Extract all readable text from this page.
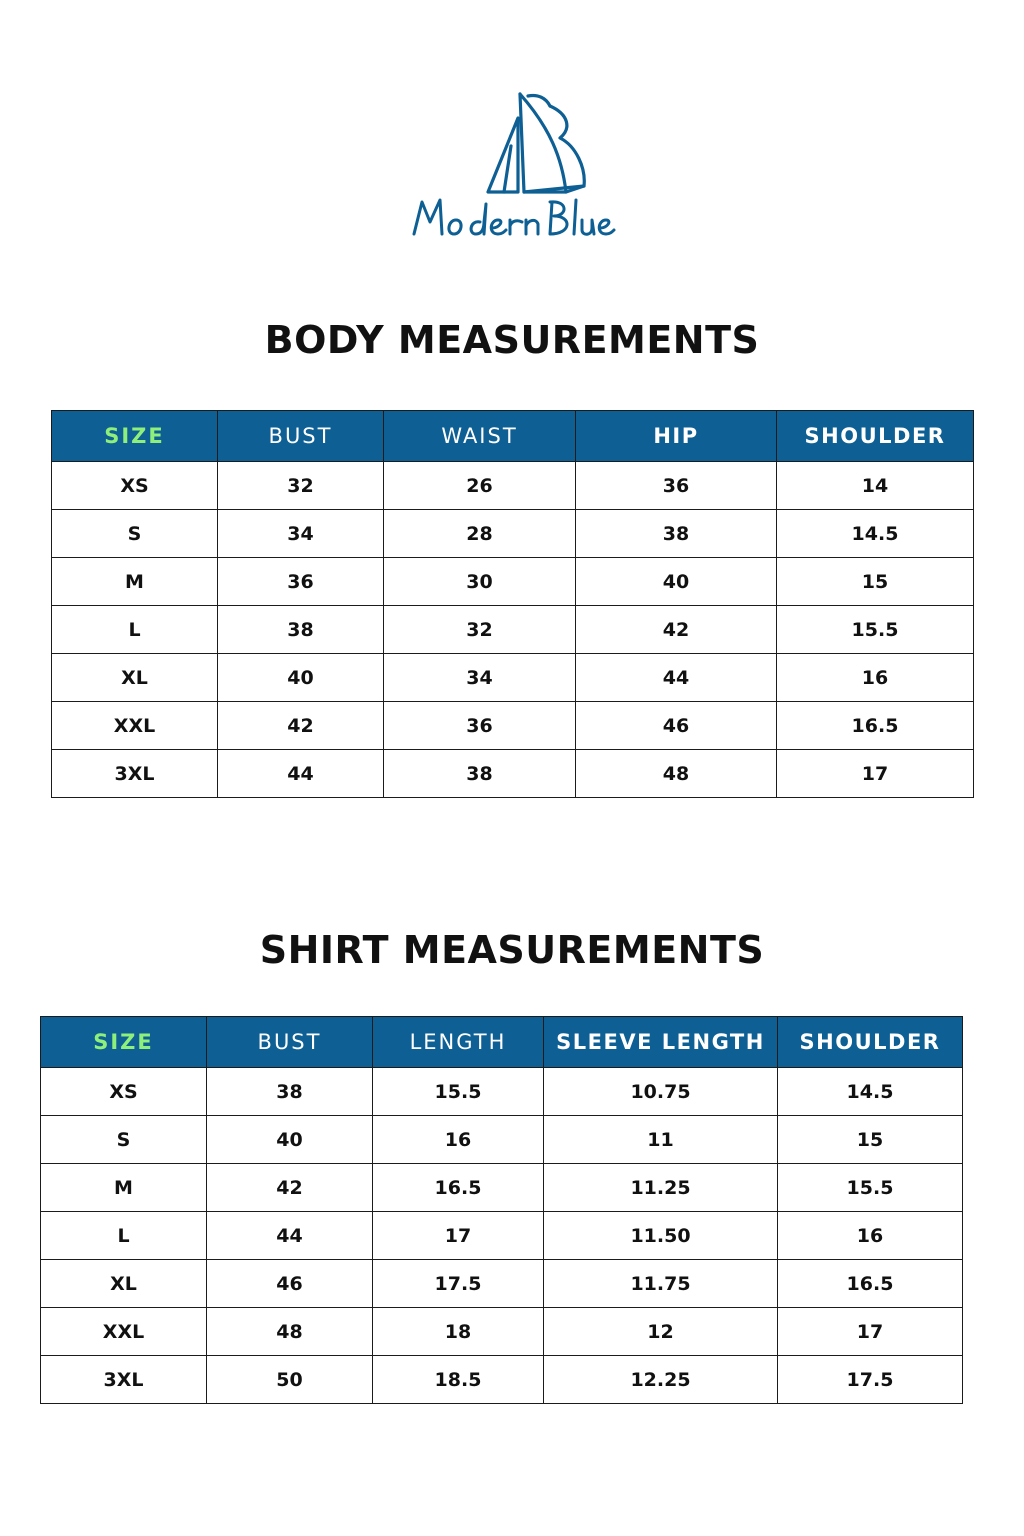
BODY MEASUREMENTS
SIZE	BUST	WAIST	HIP	SHOULDER
XS	32	26	36	14
S	34	28	38	14.5
M	36	30	40	15
L	38	32	42	15.5
XL	40	34	44	16
XXL	42	36	46	16.5
3XL	44	38	48	17
SHIRT MEASUREMENTS
SIZE	BUST	LENGTH	SLEEVE LENGTH	SHOULDER
XS	38	15.5	10.75	14.5
S	40	16	11	15
M	42	16.5	11.25	15.5
L	44	17	11.50	16
XL	46	17.5	11.75	16.5
XXL	48	18	12	17
3XL	50	18.5	12.25	17.5
